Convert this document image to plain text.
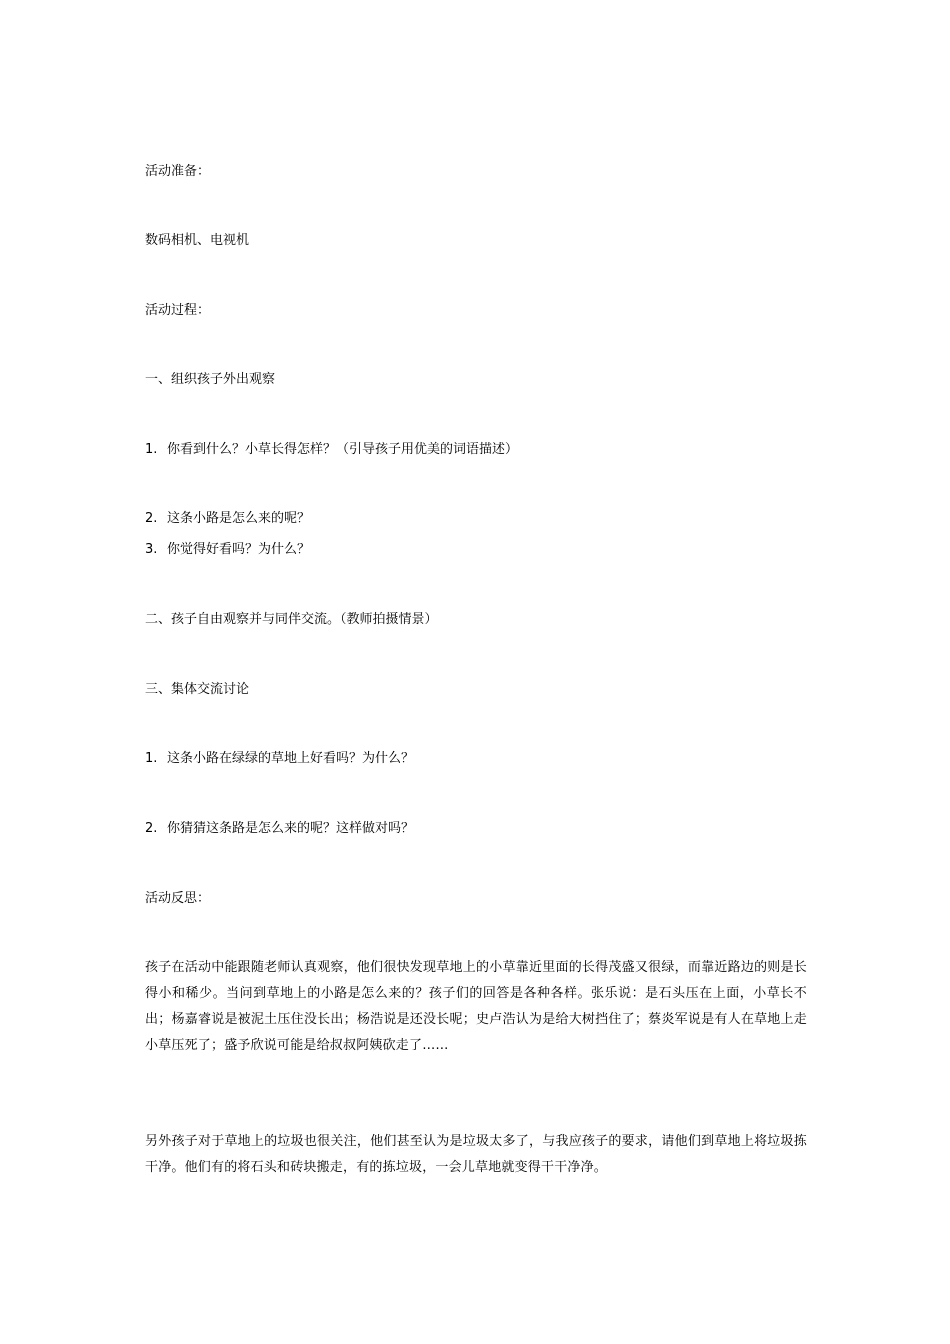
活动准备：
数码相机、电视机
活动过程：
一、组织孩子外出观察
1. 你看到什么？小草长得怎样？（引导孩子用优美的词语描述）
2. 这条小路是怎么来的呢？
3. 你觉得好看吗？为什么？
二、孩子自由观察并与同伴交流。（教师拍摄情景）
三、集体交流讨论
1. 这条小路在绿绿的草地上好看吗？为什么？
2. 你猜猜这条路是怎么来的呢？这样做对吗？
活动反思：
孩子在活动中能跟随老师认真观察，他们很快发现草地上的小草靠近里面的长得茂盛又很绿，而靠近路边的则是长得小和稀少。当问到草地上的小路是怎么来的？孩子们的回答是各种各样。张乐说：是石头压在上面，小草长不出；杨嘉睿说是被泥土压住没长出；杨浩说是还没长呢；史卢浩认为是给大树挡住了；蔡炎军说是有人在草地上走小草压死了；盛予欣说可能是给叔叔阿姨砍走了……
另外孩子对于草地上的垃圾也很关注，他们甚至认为是垃圾太多了，与我应孩子的要求，请他们到草地上将垃圾拣干净。他们有的将石头和砖块搬走，有的拣垃圾，一会儿草地就变得干干净净。
